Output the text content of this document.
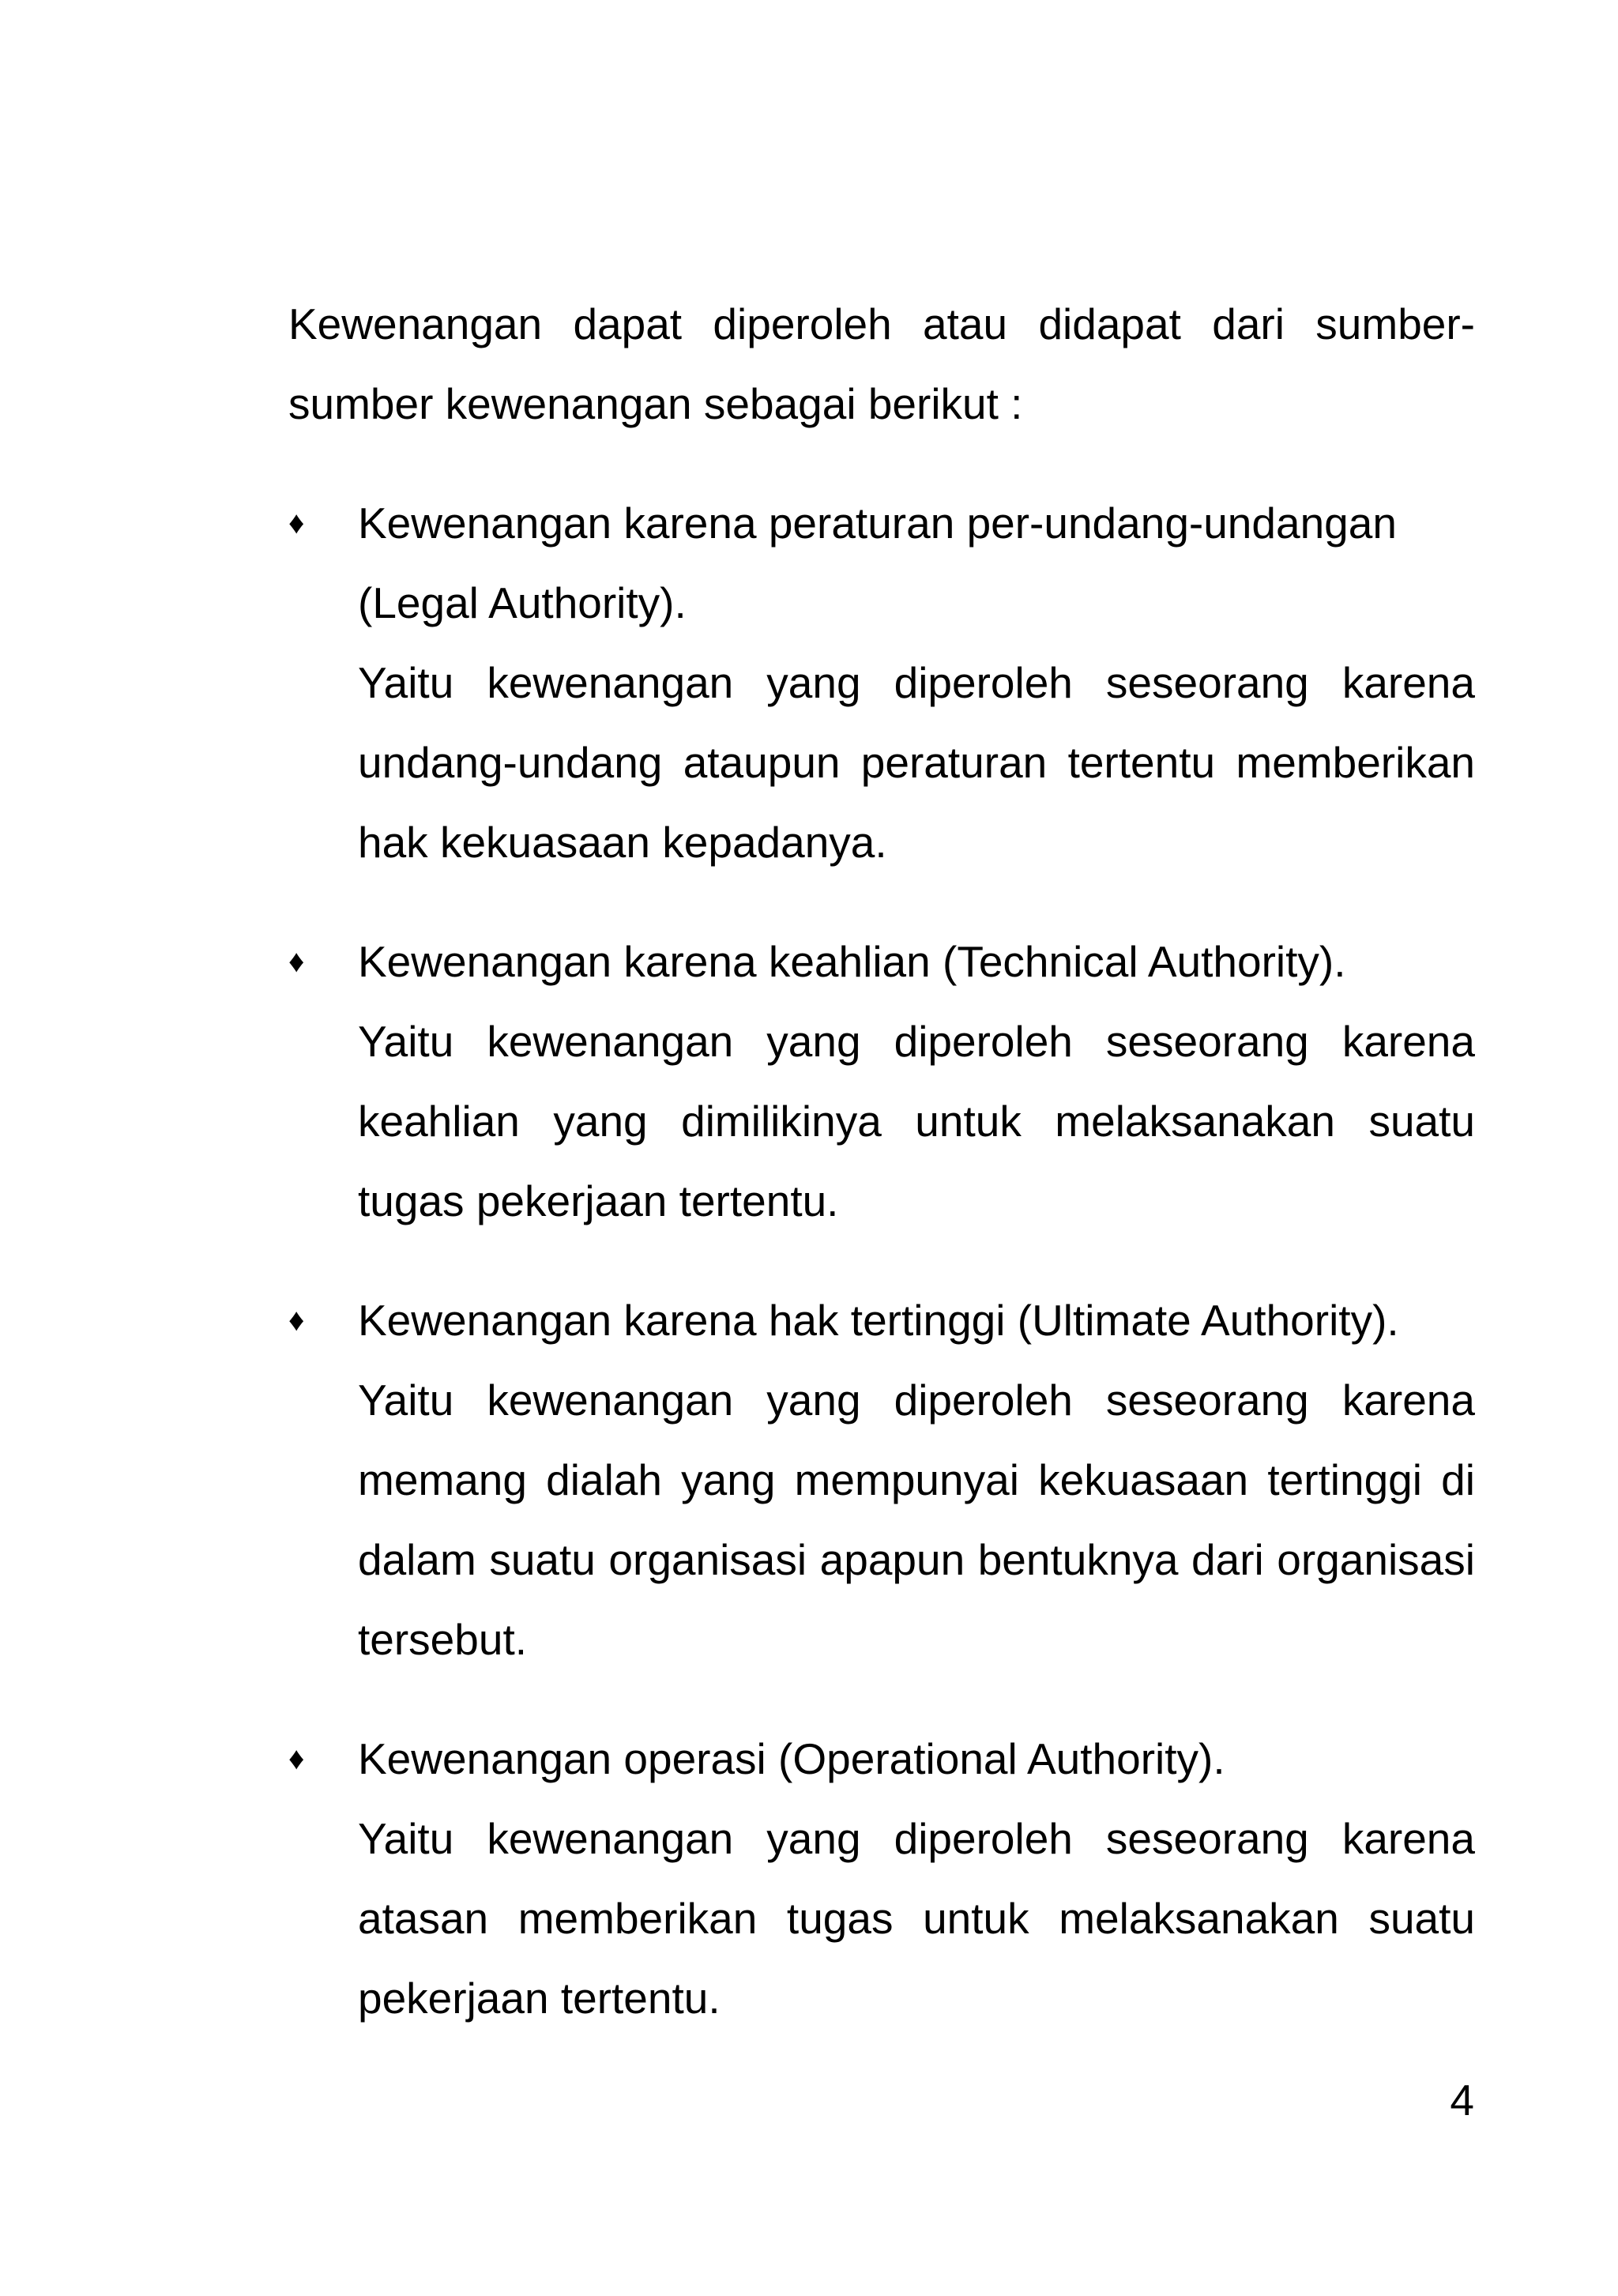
Kewenangan dapat diperoleh atau didapat dari sumber-sumber kewenangan sebagai berikut :

♦	Kewenangan karena peraturan per-undang-undangan (Legal Authority).
Yaitu kewenangan yang diperoleh seseorang karena undang-undang ataupun peraturan tertentu memberikan hak kekuasaan kepadanya.
♦	Kewenangan karena keahlian (Technical Authority).
Yaitu kewenangan yang diperoleh seseorang karena keahlian yang dimilikinya untuk melaksanakan suatu tugas pekerjaan tertentu.
♦	Kewenangan karena hak tertinggi (Ultimate Authority).
Yaitu kewenangan yang diperoleh seseorang karena memang dialah yang mempunyai kekuasaan tertinggi di dalam suatu organisasi apapun bentuknya dari organisasi tersebut.
♦	Kewenangan operasi (Operational Authority).
Yaitu kewenangan yang diperoleh seseorang karena atasan memberikan tugas untuk melaksanakan suatu pekerjaan tertentu.
4
